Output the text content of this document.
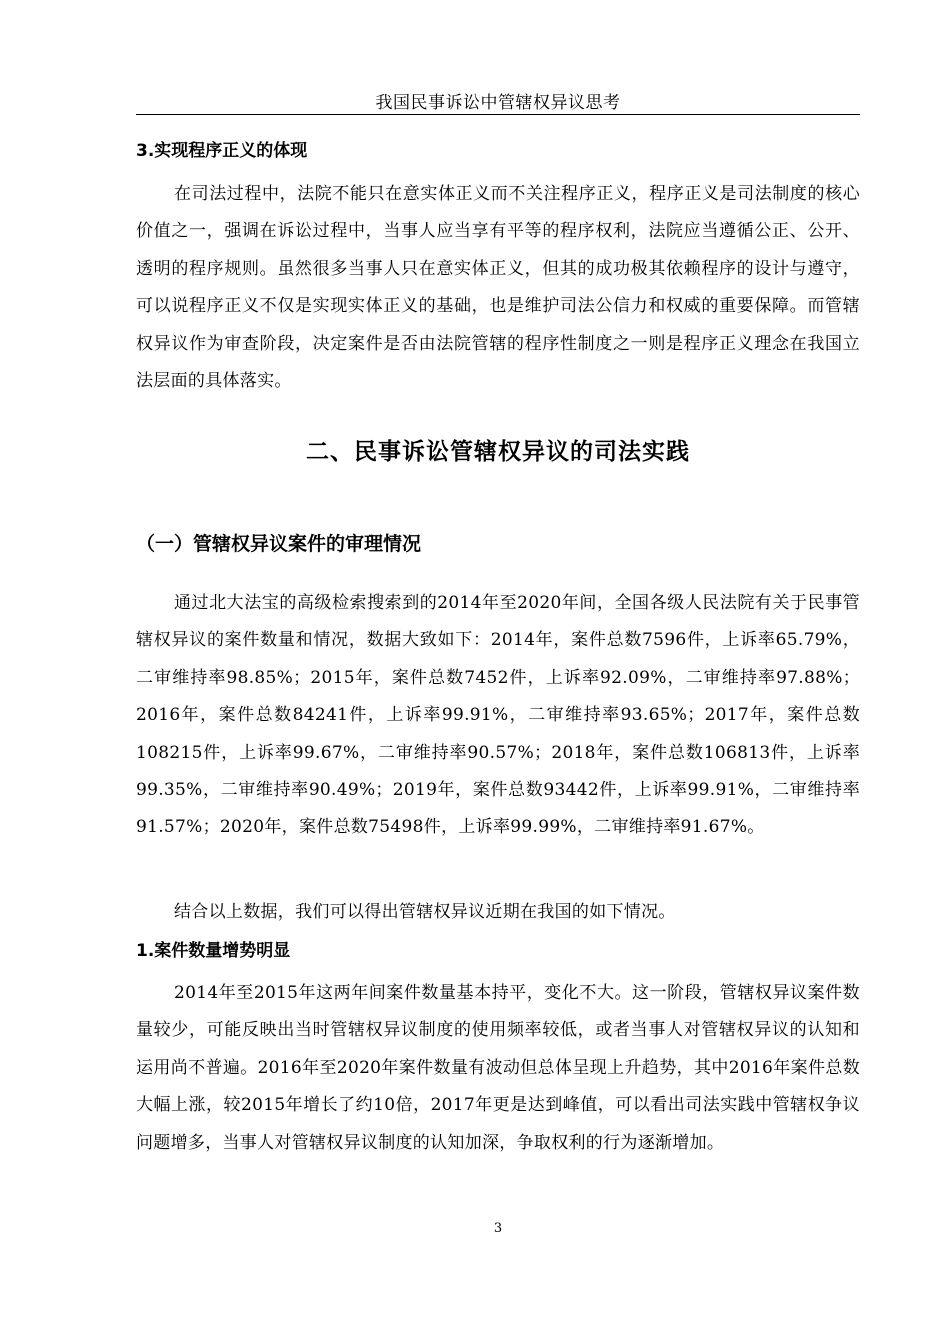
我国民事诉讼中管辖权异议思考
3.实现程序正义的体现

在司法过程中，法院不能只在意实体正义而不关注程序正义，程序正义是司法制度的核心价值之一，强调在诉讼过程中，当事人应当享有平等的程序权利，法院应当遵循公正、公开、透明的程序规则。虽然很多当事人只在意实体正义，但其的成功极其依赖程序的设计与遵守，可以说程序正义不仅是实现实体正义的基础，也是维护司法公信力和权威的重要保障。而管辖权异议作为审查阶段，决定案件是否由法院管辖的程序性制度之一则是程序正义理念在我国立法层面的具体落实。

二、民事诉讼管辖权异议的司法实践
（一）管辖权异议案件的审理情况

通过北大法宝的高级检索搜索到的2014年至2020年间，全国各级人民法院有关于民事管辖权异议的案件数量和情况，数据大致如下：2014年，案件总数7596件，上诉率65.79%，二审维持率98.85%；2015年，案件总数7452件，上诉率92.09%，二审维持率97.88%；2016年，案件总数84241件，上诉率99.91%，二审维持率93.65%；2017年，案件总数108215件，上诉率99.67%，二审维持率90.57%；2018年，案件总数106813件，上诉率99.35%，二审维持率90.49%；2019年，案件总数93442件，上诉率99.91%，二审维持率91.57%；2020年，案件总数75498件，上诉率99.99%，二审维持率91.67%。

结合以上数据，我们可以得出管辖权异议近期在我国的如下情况。

1.案件数量增势明显

2014年至2015年这两年间案件数量基本持平，变化不大。这一阶段，管辖权异议案件数量较少，可能反映出当时管辖权异议制度的使用频率较低，或者当事人对管辖权异议的认知和运用尚不普遍。2016年至2020年案件数量有波动但总体呈现上升趋势，其中2016年案件总数大幅上涨，较2015年增长了约10倍，2017年更是达到峰值，可以看出司法实践中管辖权争议问题增多，当事人对管辖权异议制度的认知加深，争取权利的行为逐渐增加。

3
